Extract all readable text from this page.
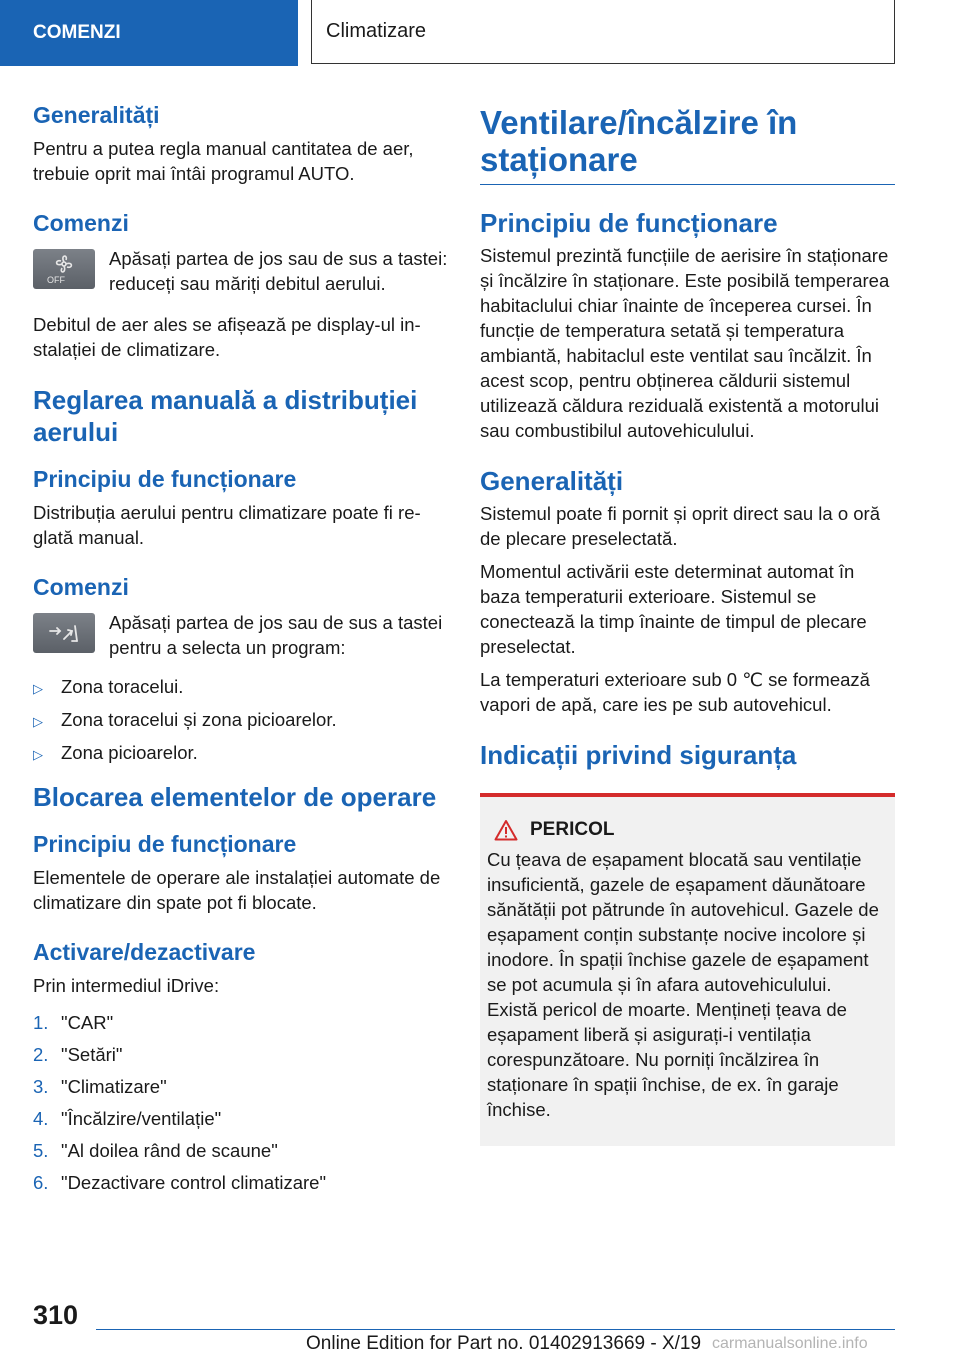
COMENZI	Climatizare
Generalități

Pentru a putea regla manual cantitatea de aer, trebuie oprit mai întâi programul AUTO.

Comenzi
OFF

Apăsați partea de jos sau de sus a tastei: reduceți sau măriți debitul aerului.

Debitul de aer ales se afișează pe display-ul instalației de climatizare.

Reglarea manuală a distribuției aerului
Principiu de funcționare

Distribuția aerului pentru climatizare poate fi reglată manual.

Comenzi

Apăsați partea de jos sau de sus a tastei pentru a selecta un program:

▷ Zona toracelui.
▷ Zona toracelui și zona picioarelor.
▷ Zona picioarelor.
Blocarea elementelor de operare
Principiu de funcționare

Elementele de operare ale instalației automate de climatizare din spate pot fi blocate.

Activare/dezactivare

Prin intermediul iDrive:

1. "CAR"
2. "Setări"
3. "Climatizare"
4. "Încălzire/ventilație"
5. "Al doilea rând de scaune"
6. "Dezactivare control climatizare"
Ventilare/încălzire în staționare
Principiu de funcționare

Sistemul prezintă funcțiile de aerisire în staționare și încălzire în staționare. Este posibilă temperarea habitaclului chiar înainte de începerea cursei. În funcție de temperatura setată și temperatura ambiantă, habitaclul este ventilat sau încălzit. În acest scop, pentru obținerea căldurii sistemul utilizează căldura reziduală existentă a motorului sau combustibilul autovehiculului.

Generalități

Sistemul poate fi pornit și oprit direct sau la o oră de plecare preselectată.

Momentul activării este determinat automat în baza temperaturii exterioare. Sistemul se conectează la timp înainte de timpul de plecare preselectat.

La temperaturi exterioare sub 0 ℃ se formează vapori de apă, care ies pe sub autovehicul.

Indicații privind siguranța
PERICOL

Cu țeava de eșapament blocată sau ventilație insuficientă, gazele de eșapament dăunătoare sănătății pot pătrunde în autovehicul. Gazele de eșapament conțin substanțe nocive incolore și inodore. În spații închise gazele de eșapament se pot acumula și în afara autovehiculului. Există pericol de moarte. Mențineți țeava de eșapament liberă și asigurați-i ventilația corespunzătoare. Nu porniți încălzirea în staționare în spații închise, de ex. în garaje închise.

310
Online Edition for Part no. 01402913669 - X/19 carmanualsonline.info
